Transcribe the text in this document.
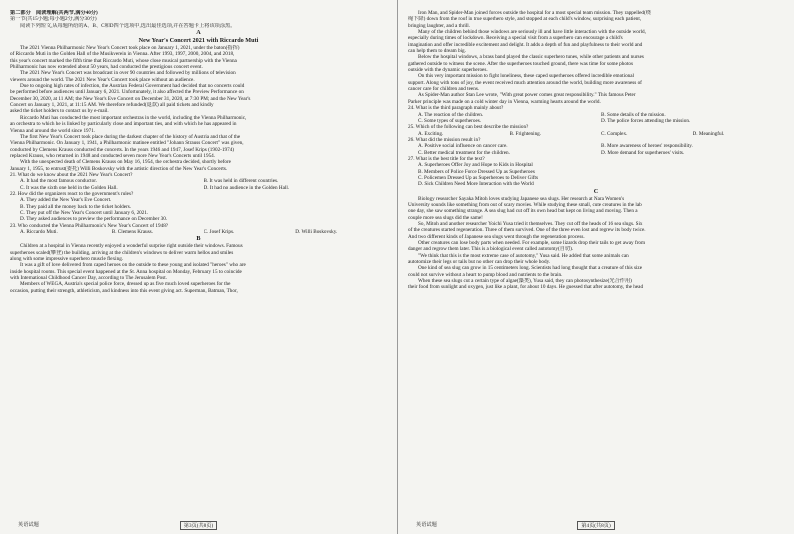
第二部分　阅读理解(共两节,满分40分)
第一节(共15小题;每小题2分,满分30分)
阅读下列短文,从每题所给的A、B、C和D四个选项中,选出最佳选项,并在答题卡上将该项涂黑。
A
New Year's Concert 2021 with Riccardo Muti
The 2021 Vienna Philharmonic New Year's Concert took place on January 1, 2021, under the baton(指挥)
of Riccardo Muti in the Golden Hall of the Musikverein in Vienna. After 1993, 1997, 2000, 2004, and 2018,
this year's concert marked the fifth time that Riccardo Muti, whose close musical partnership with the Vienna
Philharmonic has now extended about 50 years, had conducted the prestigious concert event.
The 2021 New Year's Concert was broadcast in over 90 countries and followed by millions of television
viewers around the world. The 2021 New Year's Concert took place without an audience.
Due to ongoing high rates of infection, the Austrian Federal Government had decided that no concerts could
be performed before audiences until January 6, 2021. Unfortunately, it also affected the Preview Performance on
December 30, 2020, at 11 AM; the New Year's Eve Concert on December 31, 2020, at 7:30 PM; and the New Year's
Concert on January 1, 2021, at 11:15 AM. We therefore refunded(退款) all paid tickets and kindly
asked the ticket holders to contact us by e-mail.
Riccardo Muti has conducted the most important orchestras in the world, including the Vienna Philharmonic,
an orchestra to which he is linked by particularly close and important ties, and with which he has appeared in
Vienna and around the world since 1971.
The first New Year's Concert took place during the darkest chapter of the history of Austria and that of the
Vienna Philharmonic. On January 1, 1941, a Philharmonic matinee entitled "Johann Strauss Concert" was given,
conducted by Clemens Krauss conducted the concerts. In the years 1946 and 1947, Josef Krips (1902-1974)
replaced Krauss, who returned in 1948 and conducted seven more New Year's Concerts until 1954.
With the unexpected death of Clemens Krauss on May 16, 1954, the orchestra decided, shortly before
January 1, 1955, to entrust(委托) Willi Boskovsky with the artistic direction of the New Year's Concerts.
21. What do we know about the 2021 New Year's Concert?
A. It had the most famous conductor.	B. It was held in different countries.
C. It was the sixth one held in the Golden Hall.	D. It had no audience in the Golden Hall.
22. How did the organizers react to the government's rules?
A. They added the New Year's Eve Concert.
B. They paid all the money back to the ticket holders.
C. They put off the New Year's Concert until January 6, 2021.
D. They asked audiences to preview the performance on December 30.
23. Who conducted the Vienna Philharmonic's New Year's Concert of 1948?
A. Riccardo Muti.	B. Clemens Krauss.	C. Josef Krips.	D. Willi Boskovsky.
B
Children at a hospital in Vienna recently enjoyed a wonderful surprise right outside their windows. Famous
superheroes scaled(攀登) the building, arriving at the children's windows to deliver warm hellos and smiles
along with some impressive superhero muscle flexing.
It was a gift of love delivered from caped heroes on the outside to these young and isolated "heroes" who are
inside hospital rooms. This special event happened at the St. Anna hospital on Monday, February 15 to coincide
with International Childhood Cancer Day, according to The Jerusalem Post.
Members of WEGA, Austria's special police force, dressed up as five much loved superheroes for the
occasion, putting their strength, athleticism, and kindness into this event giving act. Superman, Batman, Thor,
英语试题	第3页(共8页)
Iron Man, and Spider-Man joined forces outside the hospital for a most special team mission. They rappelled(绕
绳下降) down from the roof in true superhero style, and stopped at each child's window, surprising each patient,
bringing laughter, and a thrill.
Many of the children behind those windows are seriously ill and have little interaction with the outside world,
especially during times of lockdown. Receiving a special visit from a superhero can encourage a child's
imagination and offer incredible excitement and delight. It adds a depth of fun and playfulness to their world and
can help them to dream big.
Below the hospital windows, a brass band played the classic superhero tunes, while other patients and nurses
gathered outside to witness the scene. After the superheroes touched ground, there was time for some photos
outside with the dynamic superheroes.
On this very important mission to fight loneliness, these caped superheroes offered incredible emotional
support. Along with tons of joy, the event received much attention around the world, building more awareness of
cancer care for children and teens.
As Spider-Man author Stan Lee wrote, "With great power comes great responsibility." This famous Peter
Parker principle was made on a cold winter day in Vienna, warming hearts around the world.
24. What is the third paragraph mainly about?
A. The reaction of the children.	B. Some details of the mission.
C. Some types of superheroes.	D. The police forces attending the mission.
25. Which of the following can best describe the mission?
A. Exciting.	B. Frightening.	C. Complex.	D. Meaningful.
26. What did the mission result in?
A. Positive social influence on cancer care.	B. More awareness of heroes' responsibility.
C. Better medical treatment for the children.	D. More demand for superheroes' visits.
27. What is the best title for the text?
A. Superheroes Offer Joy and Hope to Kids in Hospital
B. Members of Police Force Dressed Up as Superheroes
C. Policemen Dressed Up as Superheroes to Deliver Gifts
D. Sick Children Need More Interaction with the World
C
Biology researcher Sayaka Mitoh loves studying Japanese sea slugs. Her research at Nara Women's
University sounds like something from out of scary movies. While studying these small, cute creatures in the lab
one day, she saw something strange. A sea slug had cut off its own head but kept on living and moving. Then a
couple more sea slugs did the same!
So, Mitoh and another researcher Yoichi Yusa tried it themselves. They cut off the heads of 16 sea slugs. Six
of the creatures started regeneration. Three of them survived. One of the three even lost and regrew its body twice.
And two different kinds of Japanese sea slugs went through the regeneration process.
Other creatures can lose body parts when needed. For example, some lizards drop their tails to get away from
danger and regrow them later. This is a biological event called autotomy(自切).
"We think that this is the most extreme case of autotomy," Yusa said. He added that some animals can
autotomize their legs or tails but no other can drop their whole body.
One kind of sea slug can grow in 15 centimeters long. Scientists had long thought that a creature of this size
could not survive without a heart to pump blood and nutrients to the brain.
When these sea slugs cut a certain type of algae(藻类), Yusa said, they can photosynthesize(光合作用)
their food from sunlight and oxygen, just like a plant, for about 10 days. He guessed that after autotomy, the head
英语试题	第4页(共8页)
